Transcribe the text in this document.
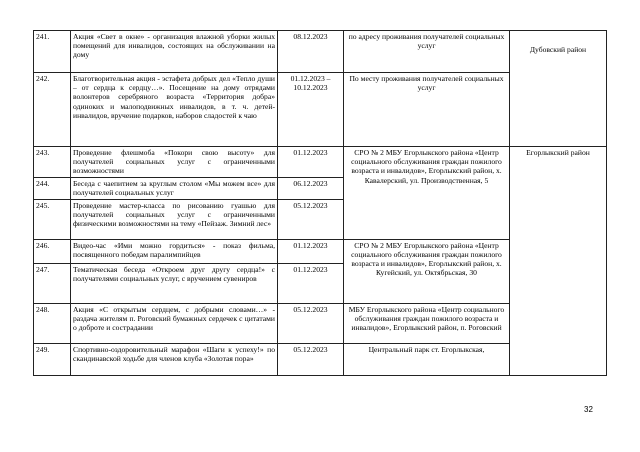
241.	Акция «Свет в окне» - организация влажной уборки жилых помещений для инвалидов, состоящих на обслуживании на дому	08.12.2023	по адресу проживания получателей социальных услуг	Дубовский район
242.	Благотворительная акция - эстафета добрых дел «Тепло души – от сердца к сердцу…». Посещение на дому отрядами волонтеров серебряного возраста «Территория добра» одиноких и малоподвижных инвалидов, в т. ч. детей-инвалидов, вручение подарков, наборов сладостей к чаю	01.12.2023 – 10.12.2023	По месту проживания получателей социальных услуг	
243.	Проведение флешмоба «Покори свою высоту» для получателей социальных услуг с ограниченными возможностями	01.12.2023	СРО № 2 МБУ Егорлыкского района «Центр социального обслуживания граждан пожилого возраста и инвалидов», Егорлыкский район, х. Кавалерский, ул. Производственная, 5	Егорлыкский район
244.	Беседа с чаепитием за круглым столом «Мы можем все» для получателей социальных услуг	06.12.2023		
245.	Проведение мастер-класса по рисованию гуашью для получателей социальных услуг с ограниченными физическими возможностями на тему «Пейзаж. Зимний лес»	05.12.2023		
246.	Видео-час «Ими можно гордиться» - показ фильма, посвященного победам паралимпийцев	01.12.2023	СРО № 2 МБУ Егорлыкского района «Центр социального обслуживания граждан пожилого возраста и инвалидов», Егорлыкский район, х. Кугейский, ул. Октябрьская, 30	
247.	Тематическая беседа «Откроем друг другу сердца!» с получателями социальных услуг, с вручением сувениров	01.12.2023		
248.	Акция «С открытым сердцем, с добрыми словами…» - раздача жителям п. Роговский бумажных сердечек с цитатами о доброте и сострадании	05.12.2023	МБУ Егорлыкского района «Центр социального обслуживания граждан пожилого возраста и инвалидов», Егорлыкский район, п. Роговский	
249.	Спортивно-оздоровительный марафон «Шаги к успеху!» по скандинавской ходьбе для членов клуба «Золотая пора»	05.12.2023	Центральный парк ст. Егорлыкская,	
32
